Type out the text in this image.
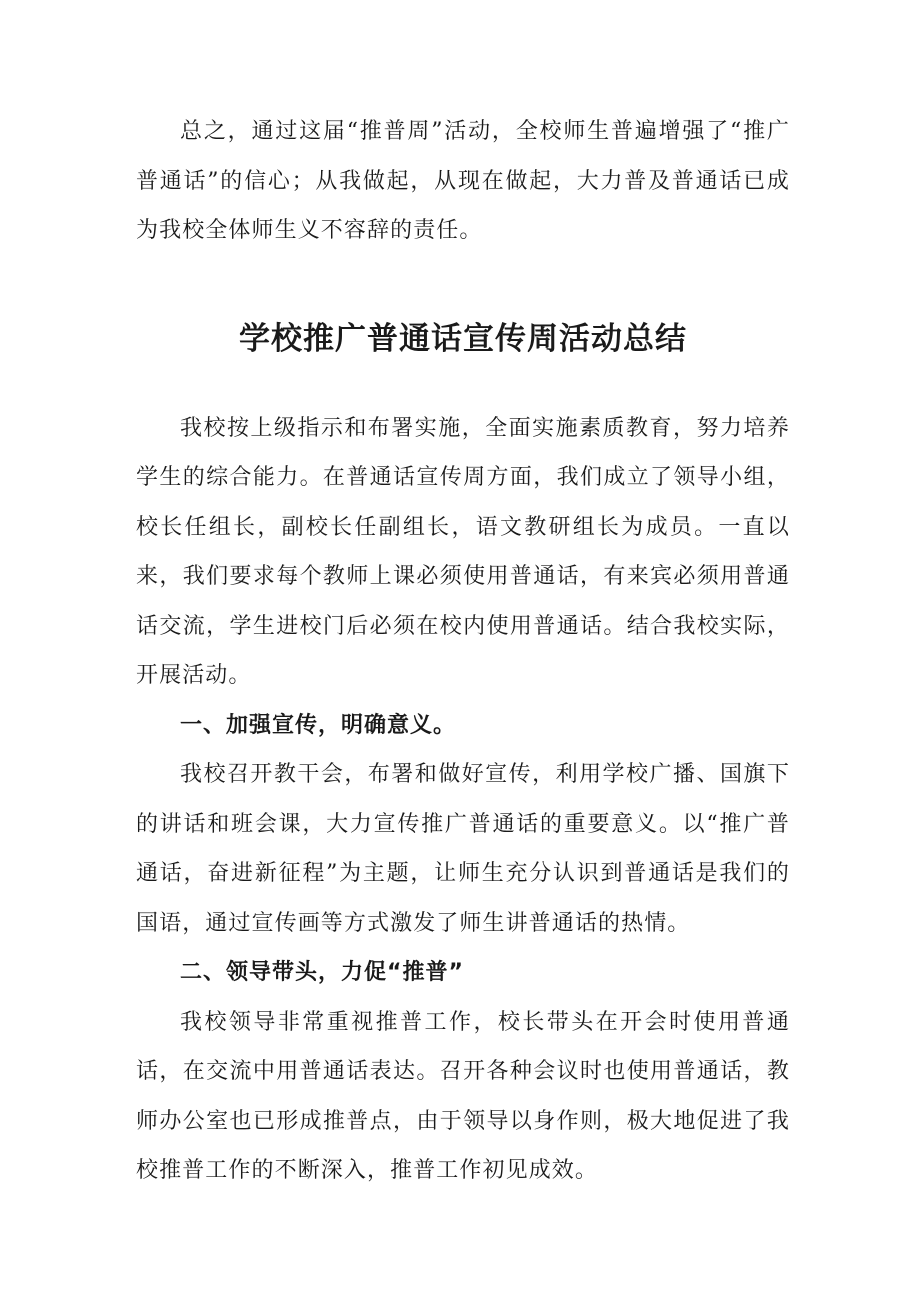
总之，通过这届“推普周”活动，全校师生普遍增强了“推广普通话”的信心；从我做起，从现在做起，大力普及普通话已成为我校全体师生义不容辞的责任。

学校推广普通话宣传周活动总结

我校按上级指示和布署实施，全面实施素质教育，努力培养学生的综合能力。在普通话宣传周方面，我们成立了领导小组，校长任组长，副校长任副组长，语文教研组长为成员。一直以来，我们要求每个教师上课必须使用普通话，有来宾必须用普通话交流，学生进校门后必须在校内使用普通话。结合我校实际，开展活动。

一、加强宣传，明确意义。

我校召开教干会，布署和做好宣传，利用学校广播、国旗下的讲话和班会课，大力宣传推广普通话的重要意义。以“推广普通话，奋进新征程”为主题，让师生充分认识到普通话是我们的国语，通过宣传画等方式激发了师生讲普通话的热情。

二、领导带头，力促“推普”

我校领导非常重视推普工作，校长带头在开会时使用普通话，在交流中用普通话表达。召开各种会议时也使用普通话，教师办公室也已形成推普点，由于领导以身作则，极大地促进了我校推普工作的不断深入，推普工作初见成效。
